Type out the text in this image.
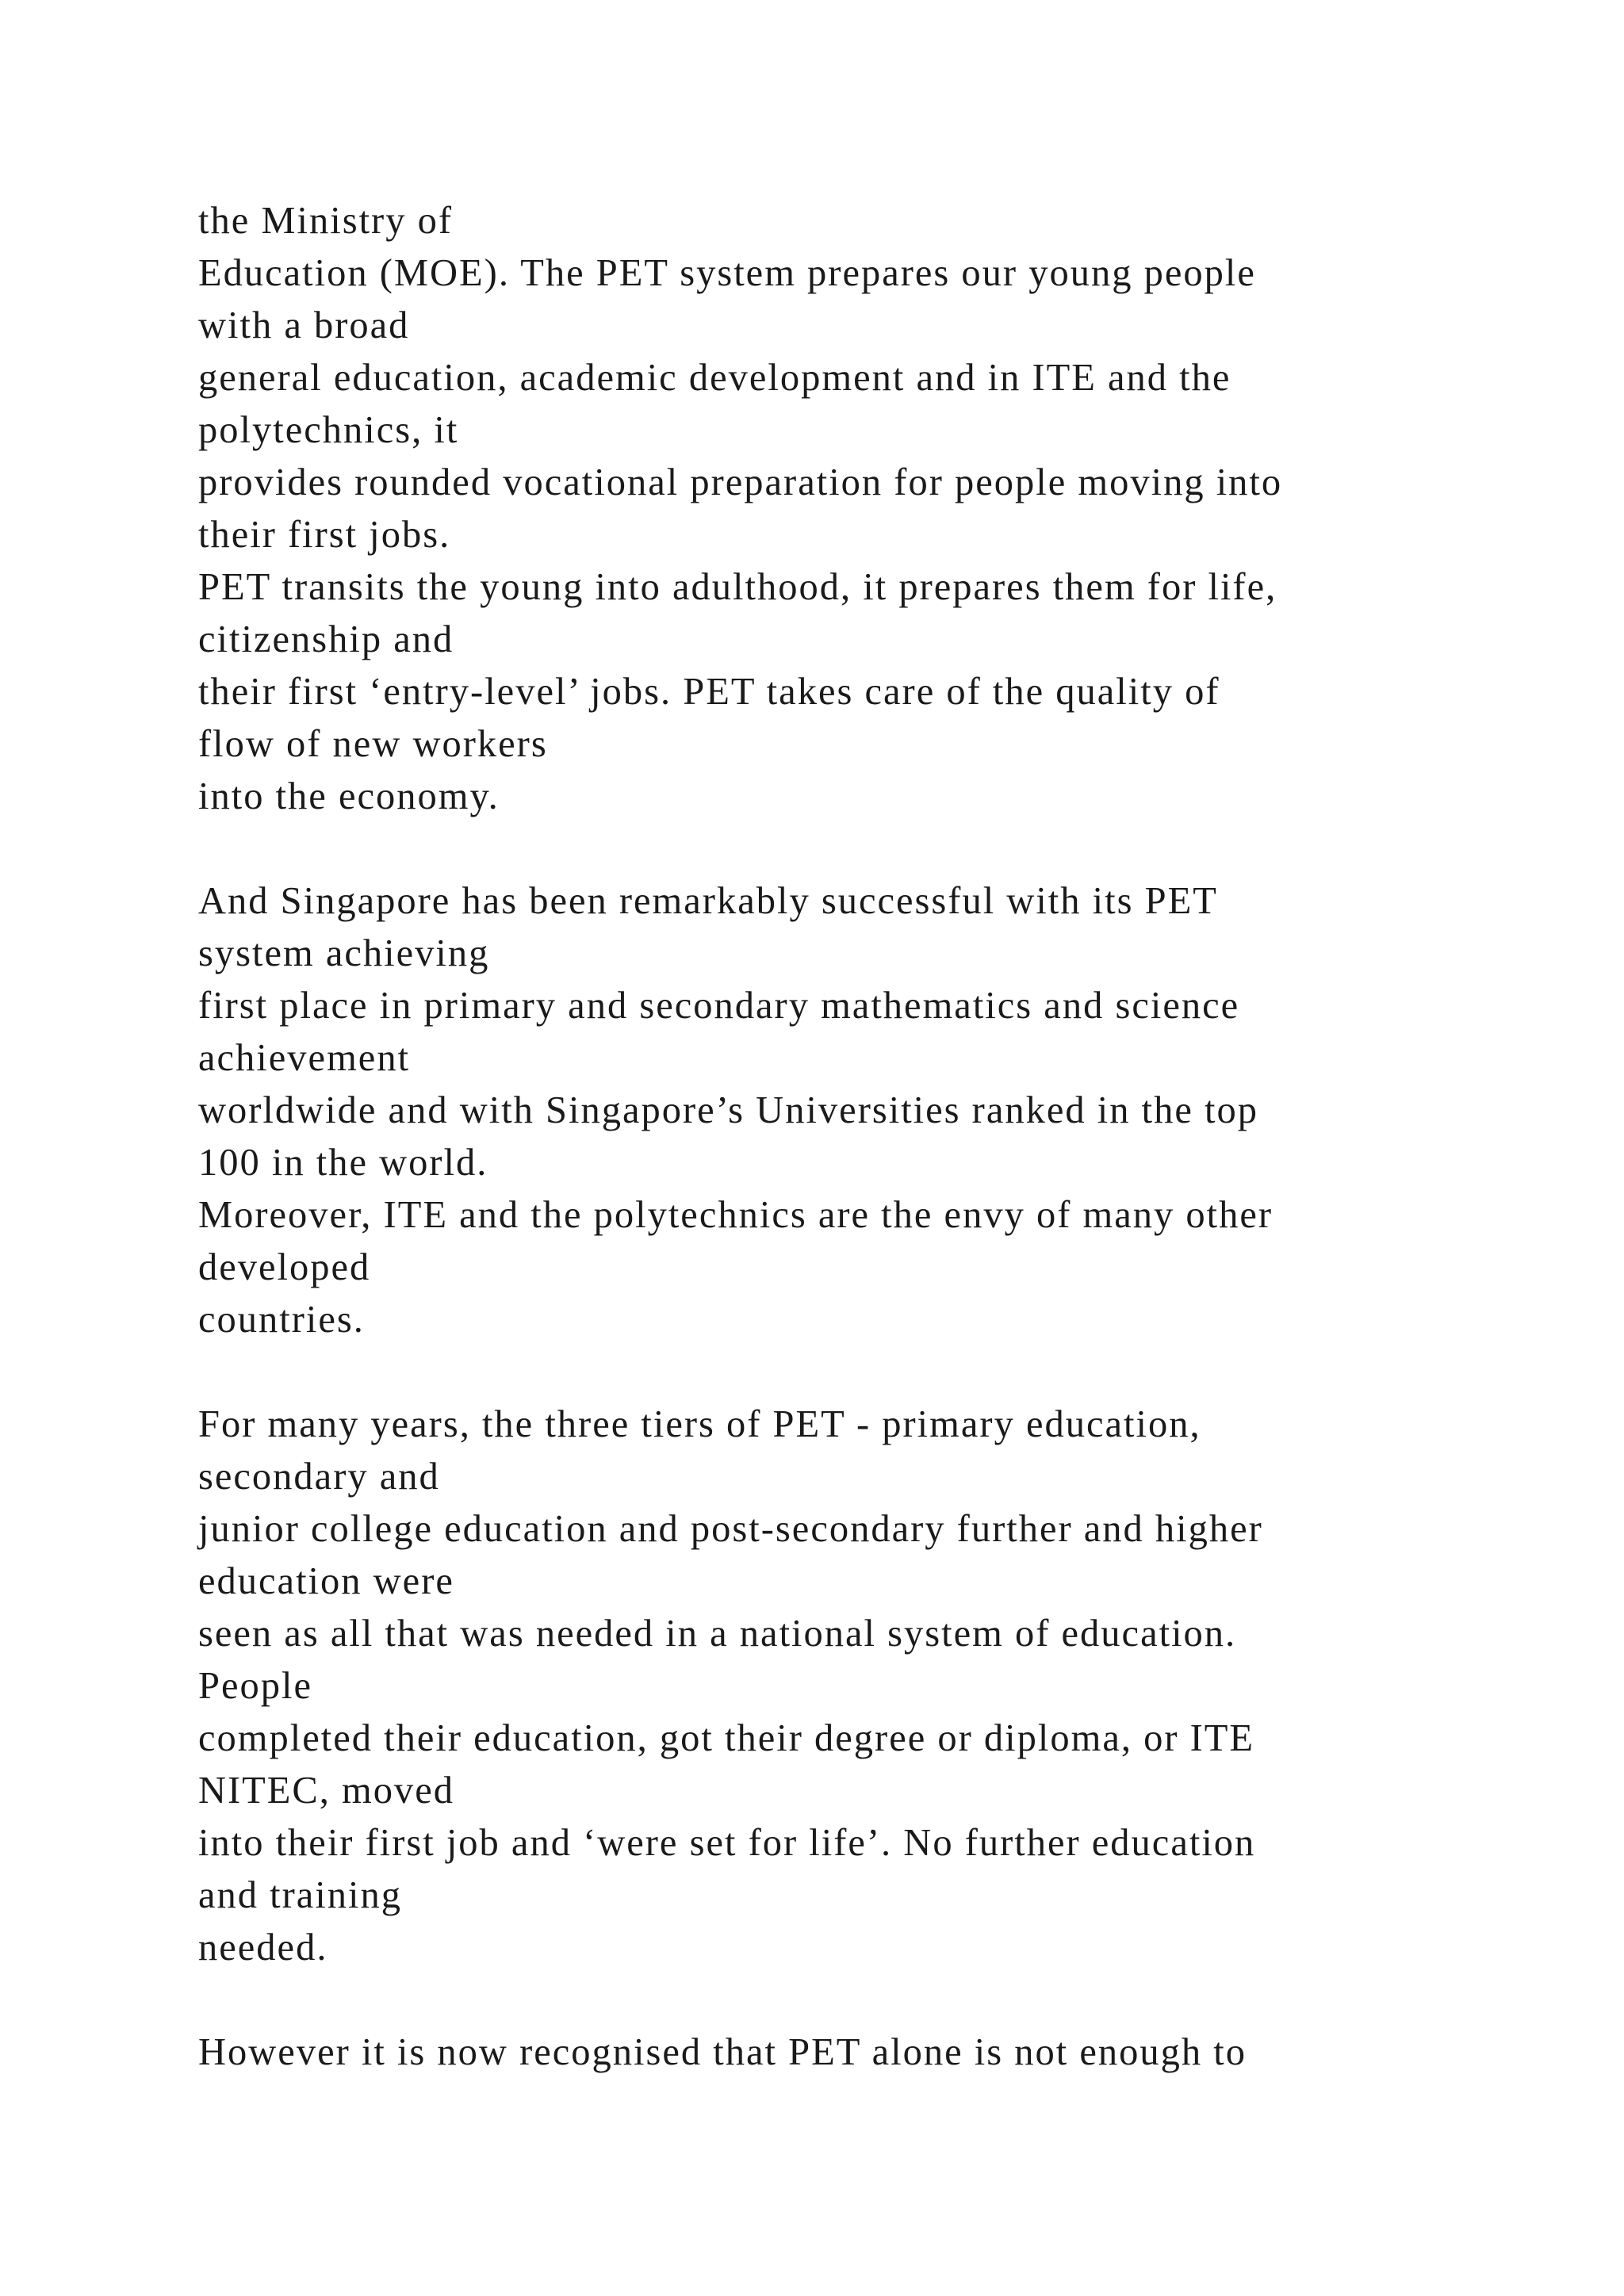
the Ministry of
Education (MOE). The PET system prepares our young people
with a broad
general education, academic development and in ITE and the
polytechnics, it
provides rounded vocational preparation for people moving into
their first jobs.
PET transits the young into adulthood, it prepares them for life,
citizenship and
their first ‘entry-level’ jobs. PET takes care of the quality of
flow of new workers
into the economy.
And Singapore has been remarkably successful with its PET
system achieving
first place in primary and secondary mathematics and science
achievement
worldwide and with Singapore’s Universities ranked in the top
100 in the world.
Moreover, ITE and the polytechnics are the envy of many other
developed
countries.
For many years, the three tiers of PET - primary education,
secondary and
junior college education and post-secondary further and higher
education were
seen as all that was needed in a national system of education.
People
completed their education, got their degree or diploma, or ITE
NITEC, moved
into their first job and ‘were set for life’. No further education
and training
needed.
However it is now recognised that PET alone is not enough to
